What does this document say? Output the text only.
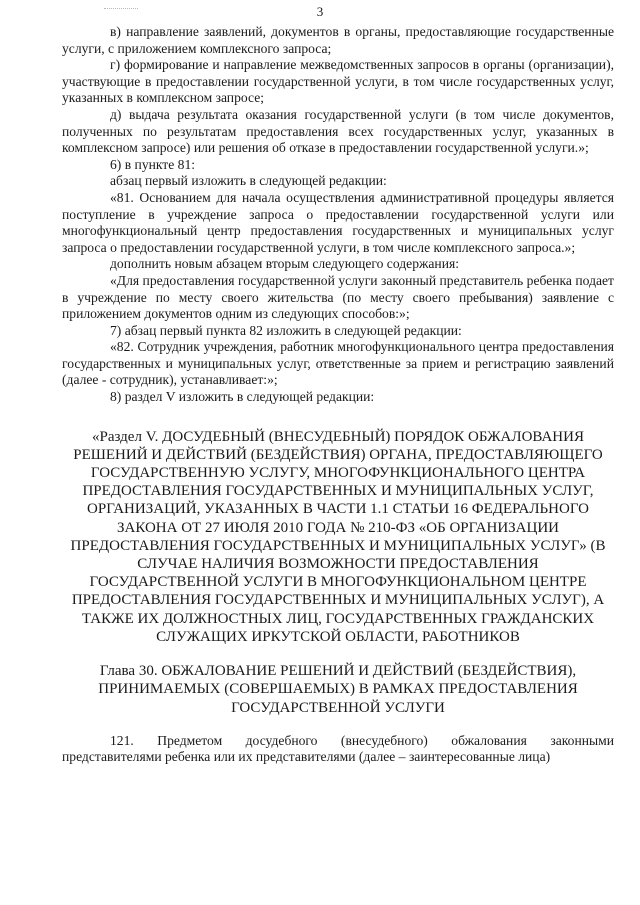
3

в) направление заявлений, документов в органы, предоставляющие государственные услуги, с приложением комплексного запроса;

г) формирование и направление межведомственных запросов в органы (организации), участвующие в предоставлении государственной услуги, в том числе государственных услуг, указанных в комплексном запросе;

д) выдача результата оказания государственной услуги (в том числе документов, полученных по результатам предоставления всех государственных услуг, указанных в комплексном запросе) или решения об отказе в предоставлении государственной услуги.»;

6) в пункте 81:

абзац первый изложить в следующей редакции:

«81. Основанием для начала осуществления административной процедуры является поступление в учреждение запроса о предоставлении государственной услуги или многофункциональный центр предоставления государственных и муниципальных услуг запроса о предоставлении государственной услуги, в том числе комплексного запроса.»;

дополнить новым абзацем вторым следующего содержания:

«Для предоставления государственной услуги законный представитель ребенка подает в учреждение по месту своего жительства (по месту своего пребывания) заявление с приложением документов одним из следующих способов:»;

7) абзац первый пункта 82 изложить в следующей редакции:

«82. Сотрудник учреждения, работник многофункционального центра предоставления государственных и муниципальных услуг, ответственные за прием и регистрацию заявлений (далее - сотрудник), устанавливает:»;

8) раздел V изложить в следующей редакции:

«Раздел V. ДОСУДЕБНЫЙ (ВНЕСУДЕБНЫЙ) ПОРЯДОК ОБЖАЛОВАНИЯ РЕШЕНИЙ И ДЕЙСТВИЙ (БЕЗДЕЙСТВИЯ) ОРГАНА, ПРЕДОСТАВЛЯЮЩЕГО ГОСУДАРСТВЕННУЮ УСЛУГУ, МНОГОФУНКЦИОНАЛЬНОГО ЦЕНТРА ПРЕДОСТАВЛЕНИЯ ГОСУДАРСТВЕННЫХ И МУНИЦИПАЛЬНЫХ УСЛУГ, ОРГАНИЗАЦИЙ, УКАЗАННЫХ В ЧАСТИ 1.1 СТАТЬИ 16 ФЕДЕРАЛЬНОГО ЗАКОНА ОТ 27 ИЮЛЯ 2010 ГОДА № 210-ФЗ «ОБ ОРГАНИЗАЦИИ ПРЕДОСТАВЛЕНИЯ ГОСУДАРСТВЕННЫХ И МУНИЦИПАЛЬНЫХ УСЛУГ» (В СЛУЧАЕ НАЛИЧИЯ ВОЗМОЖНОСТИ ПРЕДОСТАВЛЕНИЯ ГОСУДАРСТВЕННОЙ УСЛУГИ В МНОГОФУНКЦИОНАЛЬНОМ ЦЕНТРЕ ПРЕДОСТАВЛЕНИЯ ГОСУДАРСТВЕННЫХ И МУНИЦИПАЛЬНЫХ УСЛУГ), А ТАКЖЕ ИХ ДОЛЖНОСТНЫХ ЛИЦ, ГОСУДАРСТВЕННЫХ ГРАЖДАНСКИХ СЛУЖАЩИХ ИРКУТСКОЙ ОБЛАСТИ, РАБОТНИКОВ

Глава 30. ОБЖАЛОВАНИЕ РЕШЕНИЙ И ДЕЙСТВИЙ (БЕЗДЕЙСТВИЯ), ПРИНИМАЕМЫХ (СОВЕРШАЕМЫХ) В РАМКАХ ПРЕДОСТАВЛЕНИЯ ГОСУДАРСТВЕННОЙ УСЛУГИ

121. Предметом досудебного (внесудебного) обжалования законными представителями ребенка или их представителями (далее – заинтересованные лица)
